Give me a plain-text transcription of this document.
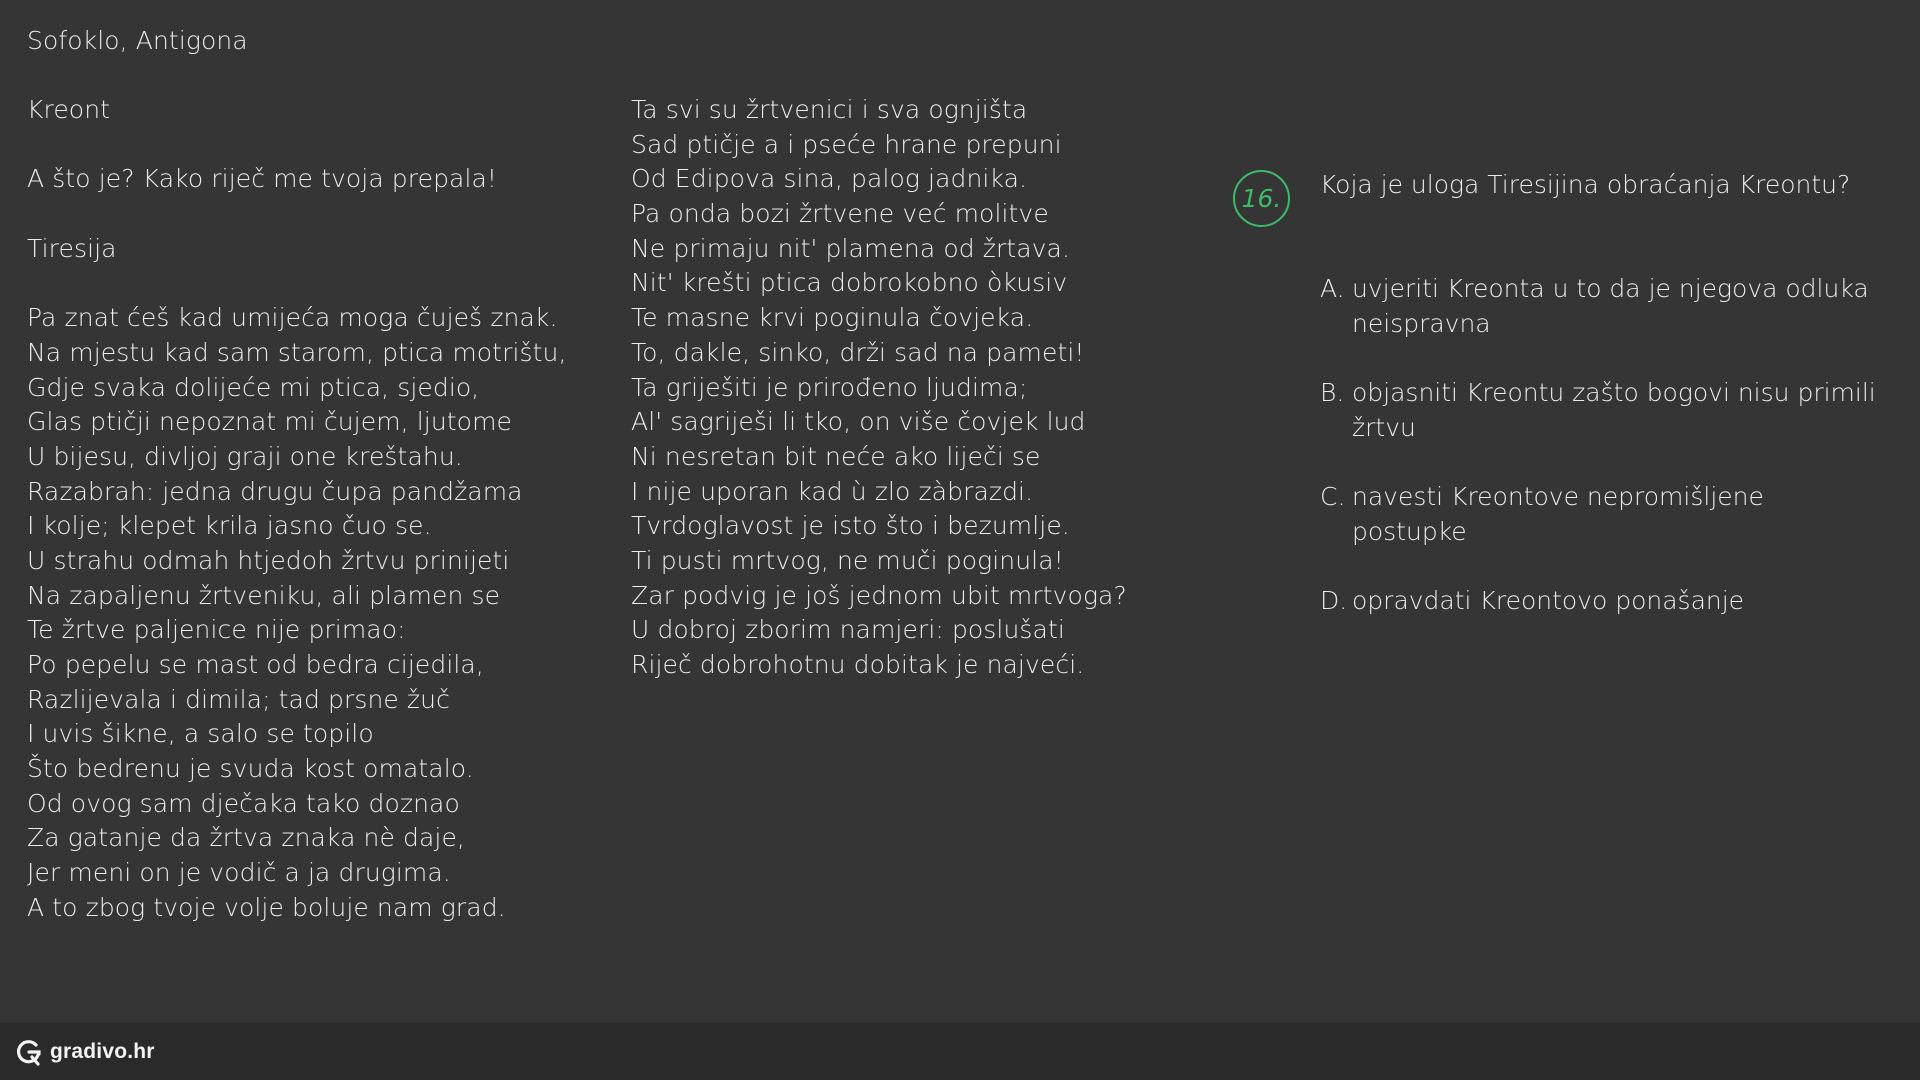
Sofoklo, Antigona
Kreont
A što je? Kako riječ me tvoja prepala!
Tiresija
Pa znat ćeš kad umijeća moga čuješ znak.
Na mjestu kad sam starom, ptica motrištu,
Gdje svaka dolijeće mi ptica, sjedio,
Glas ptičji nepoznat mi čujem, ljutome
U bijesu, divljoj graji one kreštahu.
Razabrah: jedna drugu čupa pandžama
I kolje; klepet krila jasno čuo se.
U strahu odmah htjedoh žrtvu prinijeti
Na zapaljenu žrtveniku, ali plamen se
Te žrtve paljenice nije primao:
Po pepelu se mast od bedra cijedila,
Razlijevala i dimila; tad prsne žuč
I uvis šikne, a salo se topilo
Što bedrenu je svuda kost omatalo.
Od ovog sam dječaka tako doznao
Za gatanje da žrtva znaka nè daje,
Jer meni on je vodič a ja drugima.
A to zbog tvoje volje boluje nam grad.
Ta svi su žrtvenici i sva ognjišta
Sad ptičje a i pseće hrane prepuni
Od Edipova sina, palog jadnika.
Pa onda bozi žrtvene već molitve
Ne primaju nit' plamena od žrtava.
Nit' krešti ptica dobrokobno òkusiv
Te masne krvi poginula čovjeka.
To, dakle, sinko, drži sad na pameti!
Ta griješiti je prirođeno ljudima;
Al' sagriješi li tko, on više čovjek lud
Ni nesretan bit neće ako liječi se
I nije uporan kad ù zlo zàbrazdi.
Tvrdoglavost je isto što i bezumlje.
Ti pusti mrtvog, ne muči poginula!
Zar podvig je još jednom ubit mrtvoga?
U dobroj zborim namjeri: poslušati
Riječ dobrohotnu dobitak je najveći.
16.	Koja je uloga Tiresijina obraćanja Kreontu?
A. uvjeriti Kreonta u to da je njegova odluka neispravna
B. objasniti Kreontu zašto bogovi nisu primili žrtvu
C. navesti Kreontove nepromišljene postupke
D. opravdati Kreontovo ponašanje
gradivo.hr
